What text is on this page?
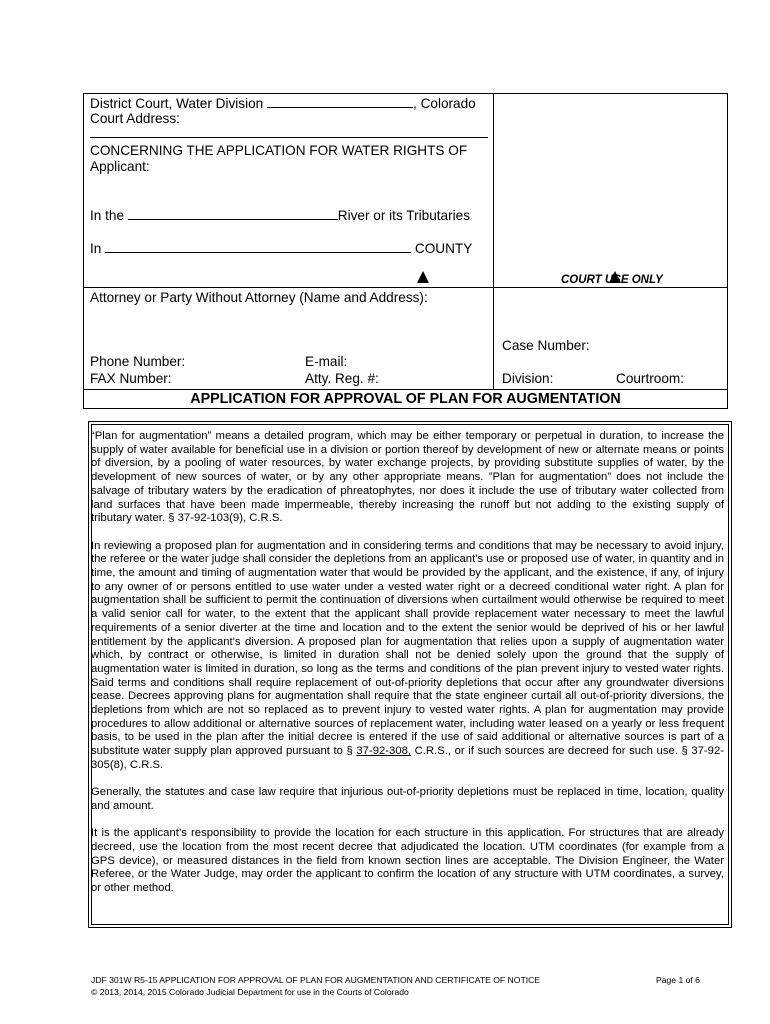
District Court, Water Division	, Colorado
Court Address:
CONCERNING THE APPLICATION FOR WATER RIGHTS OF
Applicant:
In the	River or its Tributaries
In	COUNTY
COURT USE ONLY
Attorney or Party Without Attorney (Name and Address):
Phone Number:	E-mail:
FAX Number:	Atty. Reg. #:
Case Number:
Division:	Courtroom:
APPLICATION FOR APPROVAL OF PLAN FOR AUGMENTATION

“Plan for augmentation” means a detailed program, which may be either temporary or perpetual in duration, to increase the supply of water available for beneficial use in a division or portion thereof by development of new or alternate means or points of diversion, by a pooling of water resources, by water exchange projects, by providing substitute supplies of water, by the development of new sources of water, or by any other appropriate means. ”Plan for augmentation” does not include the salvage of tributary waters by the eradication of phreatophytes, nor does it include the use of tributary water collected from land surfaces that have been made impermeable, thereby increasing the runoff but not adding to the existing supply of tributary water. § 37-92-103(9), C.R.S.

In reviewing a proposed plan for augmentation and in considering terms and conditions that may be necessary to avoid injury, the referee or the water judge shall consider the depletions from an applicant's use or proposed use of water, in quantity and in time, the amount and timing of augmentation water that would be provided by the applicant, and the existence, if any, of injury to any owner of or persons entitled to use water under a vested water right or a decreed conditional water right. A plan for augmentation shall be sufficient to permit the continuation of diversions when curtailment would otherwise be required to meet a valid senior call for water, to the extent that the applicant shall provide replacement water necessary to meet the lawful requirements of a senior diverter at the time and location and to the extent the senior would be deprived of his or her lawful entitlement by the applicant's diversion. A proposed plan for augmentation that relies upon a supply of augmentation water which, by contract or otherwise, is limited in duration shall not be denied solely upon the ground that the supply of augmentation water is limited in duration, so long as the terms and conditions of the plan prevent injury to vested water rights. Said terms and conditions shall require replacement of out-of-priority depletions that occur after any groundwater diversions cease. Decrees approving plans for augmentation shall require that the state engineer curtail all out-of-priority diversions, the depletions from which are not so replaced as to prevent injury to vested water rights. A plan for augmentation may provide procedures to allow additional or alternative sources of replacement water, including water leased on a yearly or less frequent basis, to be used in the plan after the initial decree is entered if the use of said additional or alternative sources is part of a substitute water supply plan approved pursuant to § 37-92-308, C.R.S., or if such sources are decreed for such use. § 37-92-305(8), C.R.S.

Generally, the statutes and case law require that injurious out-of-priority depletions must be replaced in time, location, quality and amount.

It is the applicant’s responsibility to provide the location for each structure in this application. For structures that are already decreed, use the location from the most recent decree that adjudicated the location. UTM coordinates (for example from a GPS device), or measured distances in the field from known section lines are acceptable. The Division Engineer, the Water Referee, or the Water Judge, may order the applicant to confirm the location of any structure with UTM coordinates, a survey, or other method.

JDF 301W R5-15 APPLICATION FOR APPROVAL OF PLAN FOR AUGMENTATION AND CERTIFICATE OF NOTICE	Page 1 of 6
© 2013, 2014, 2015 Colorado Judicial Department for use in the Courts of Colorado
